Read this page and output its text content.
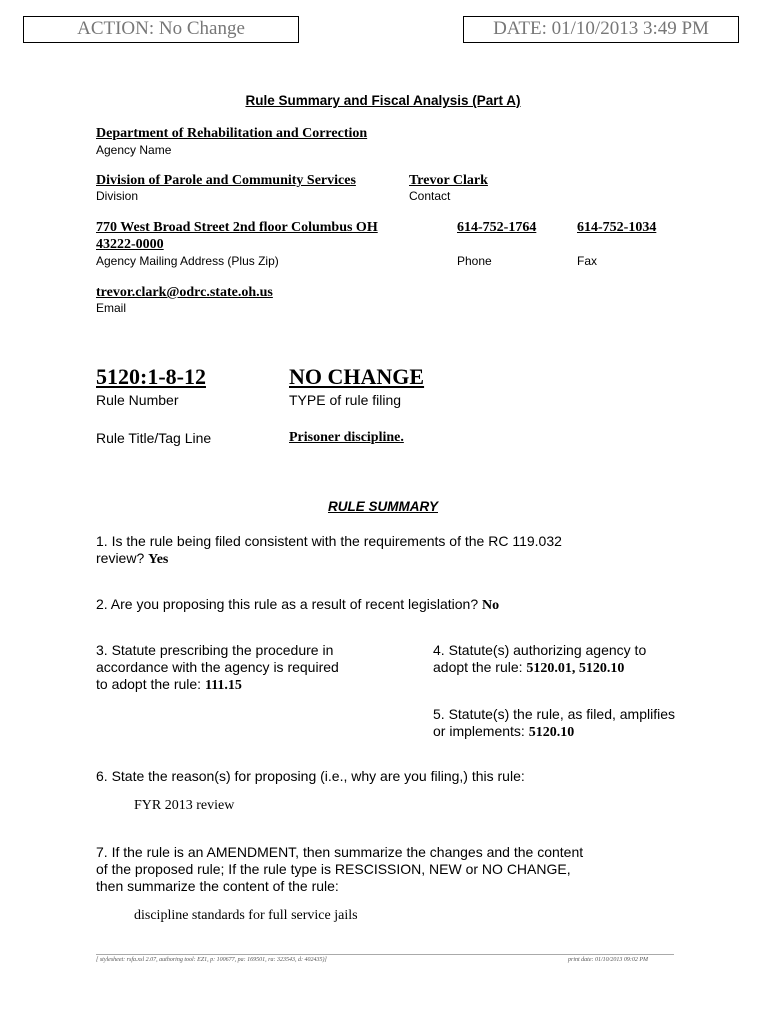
ACTION: No Change	DATE: 01/10/2013 3:49 PM
Rule Summary and Fiscal Analysis (Part A)
Department of Rehabilitation and Correction
Agency Name
Division of Parole and Community Services
Division
Trevor Clark
Contact
770 West Broad Street 2nd floor Columbus OH
43222-0000
Agency Mailing Address (Plus Zip)
614-752-1764
Phone
614-752-1034
Fax
trevor.clark@odrc.state.oh.us
Email
5120:1-8-12
Rule Number
NO CHANGE
TYPE of rule filing
Rule Title/Tag Line	Prisoner discipline.
RULE SUMMARY
1. Is the rule being filed consistent with the requirements of the RC 119.032
review? Yes
2. Are you proposing this rule as a result of recent legislation? No
3. Statute prescribing the procedure in
accordance with the agency is required
to adopt the rule: 111.15
4. Statute(s) authorizing agency to
adopt the rule: 5120.01, 5120.10
5. Statute(s) the rule, as filed, amplifies
or implements: 5120.10
6. State the reason(s) for proposing (i.e., why are you filing,) this rule:
FYR 2013 review
7. If the rule is an AMENDMENT, then summarize the changes and the content
of the proposed rule; If the rule type is RESCISSION, NEW or NO CHANGE,
then summarize the content of the rule:
discipline standards for full service jails
[ stylesheet: rsfa.xsl 2.07, authoring tool: EZ1, p: 100677, pa: 169501, ra: 323543, d: 402435)]	print date: 01/10/2013 09:02 PM
